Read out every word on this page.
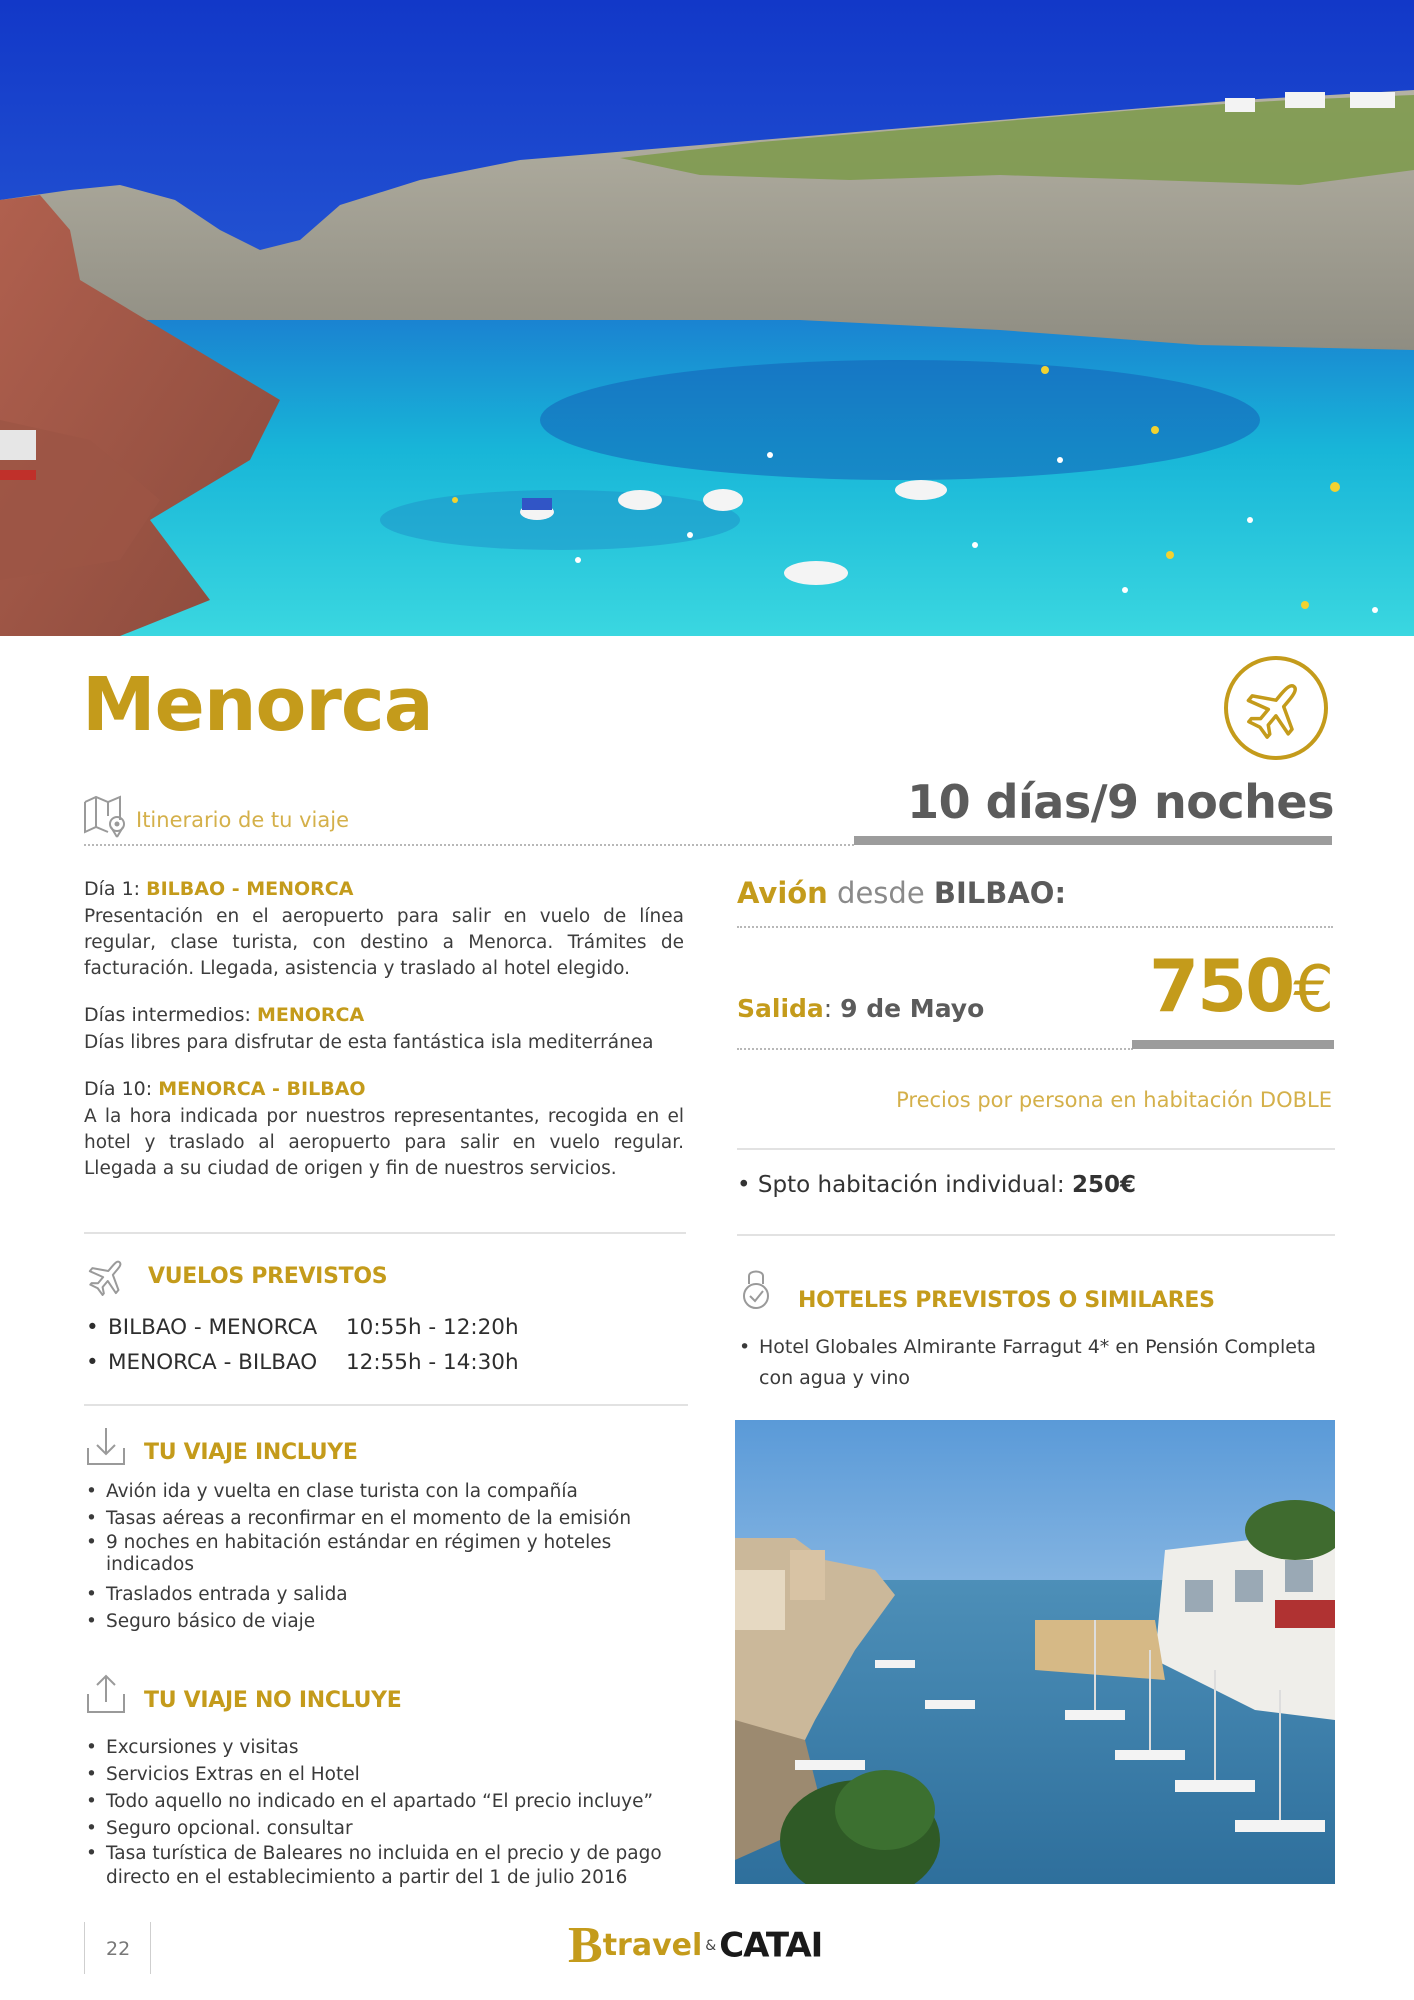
Menorca
Itinerario de tu viaje	10 días/9 noches

Día 1: BILBAO - MENORCA

Presentación en el aeropuerto para salir en vuelo de línea regular, clase turista, con destino a Menorca. Trámites de facturación. Llegada, asistencia y traslado al hotel elegido.

Días intermedios: MENORCA

Días libres para disfrutar de esta fantástica isla mediterránea

Día 10: MENORCA - BILBAO

A la hora indicada por nuestros representantes, recogida en el hotel y traslado al aeropuerto para salir en vuelo regular. Llegada a su ciudad de origen y fin de nuestros servicios.

VUELOS PREVISTOS
• BILBAO - MENORCA 10:55h - 12:20h
• MENORCA - BILBAO 12:55h - 14:30h
TU VIAJE INCLUYE
• Avión ida y vuelta en clase turista con la compañía
• Tasas aéreas a reconfirmar en el momento de la emisión
• 9 noches en habitación estándar en régimen y hoteles indicados
• Traslados entrada y salida
• Seguro básico de viaje
TU VIAJE NO INCLUYE
• Excursiones y visitas
• Servicios Extras en el Hotel
• Todo aquello no indicado en el apartado “El precio incluye”
• Seguro opcional. consultar
• Tasa turística de Baleares no incluida en el precio y de pago directo en el establecimiento a partir del 1 de julio 2016
Avión desde BILBAO:
750€
Salida: 9 de Mayo
Precios por persona en habitación DOBLE
• Spto habitación individual: 250€
HOTELES PREVISTOS O SIMILARES
• Hotel Globales Almirante Farragut 4* en Pensión Completa con agua y vino
22	Btravel &CATAI
